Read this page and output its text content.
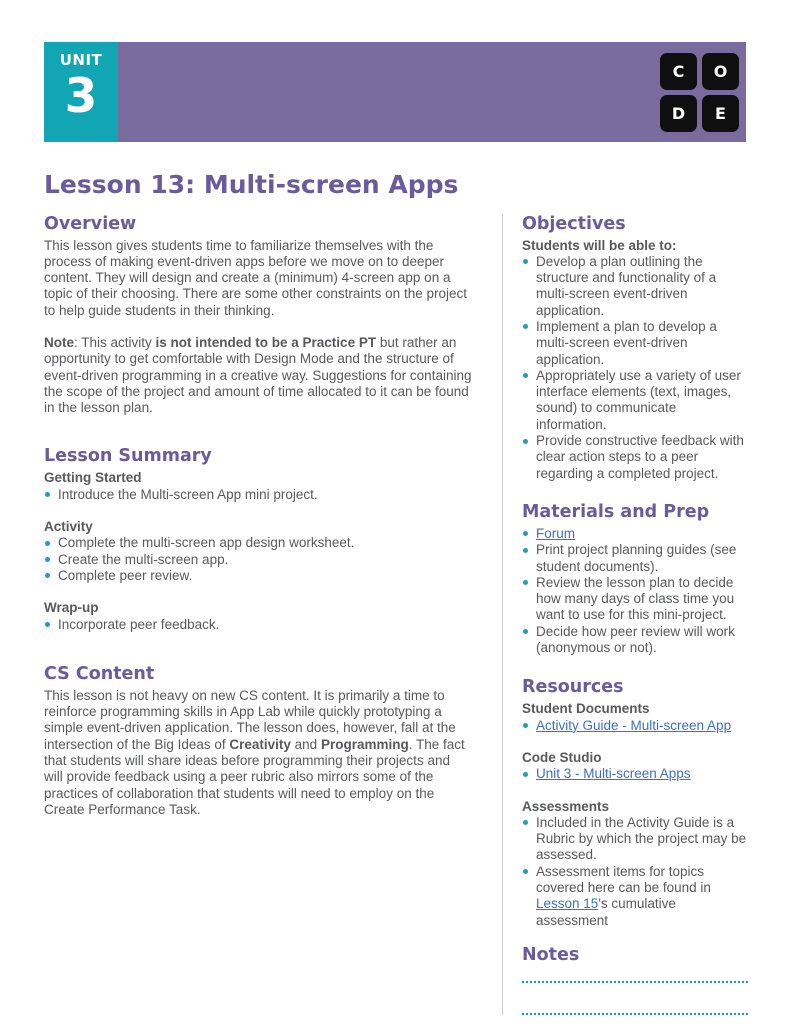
UNIT
3	C	O
D	E
Lesson 13: Multi-screen Apps
Overview

This lesson gives students time to familiarize themselves with the process of making event-driven apps before we move on to deeper content. They will design and create a (minimum) 4-screen app on a topic of their choosing. There are some other constraints on the project to help guide students in their thinking.

Note: This activity is not intended to be a Practice PT but rather an opportunity to get comfortable with Design Mode and the structure of event-driven programming in a creative way. Suggestions for containing the scope of the project and amount of time allocated to it can be found in the lesson plan.

Lesson Summary
Getting Started
Introduce the Multi-screen App mini project.
Activity
Complete the multi-screen app design worksheet.
Create the multi-screen app.
Complete peer review.
Wrap-up
Incorporate peer feedback.
CS Content

This lesson is not heavy on new CS content. It is primarily a time to reinforce programming skills in App Lab while quickly prototyping a simple event-driven application. The lesson does, however, fall at the intersection of the Big Ideas of Creativity and Programming. The fact that students will share ideas before programming their projects and will provide feedback using a peer rubric also mirrors some of the practices of collaboration that students will need to employ on the Create Performance Task.

Objectives
Students will be able to:
Develop a plan outlining the structure and functionality of a multi-screen event-driven application.
Implement a plan to develop a multi-screen event-driven application.
Appropriately use a variety of user interface elements (text, images, sound) to communicate information.
Provide constructive feedback with clear action steps to a peer regarding a completed project.
Materials and Prep
Forum
Print project planning guides (see student documents).
Review the lesson plan to decide how many days of class time you want to use for this mini-project.
Decide how peer review will work (anonymous or not).
Resources
Student Documents
Activity Guide - Multi-screen App
Code Studio
Unit 3 - Multi-screen Apps
Assessments
Included in the Activity Guide is a Rubric by which the project may be assessed.
Assessment items for topics covered here can be found in Lesson 15's cumulative assessment
Notes
